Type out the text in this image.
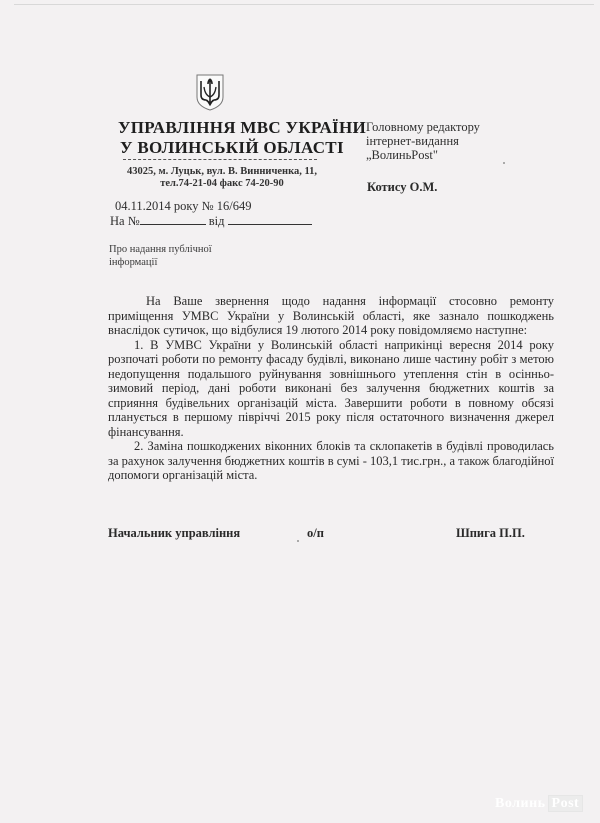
УПРАВЛІННЯ МВС УКРАЇНИ
У ВОЛИНСЬКІЙ ОБЛАСТІ
43025, м. Луцьк, вул. В. Винниченка, 11,
тел.74-21-04 факс 74-20-90
Головному редактору
інтернет-видання
„ВолиньPost"
Котису О.М.
04.11.2014 року № 16/649
На №	від
Про надання публічної
інформації

На Ваше звернення щодо надання інформації стосовно ремонту приміщення УМВС України у Волинській області, яке зазнало пошкоджень внаслідок сутичок, що відбулися 19 лютого 2014 року повідомляємо наступне:

1. В УМВС України у Волинській області наприкінці вересня 2014 року розпочаті роботи по ремонту фасаду будівлі, виконано лише частину робіт з метою недопущення подальшого руйнування зовнішнього утеплення стін в осінньо-зимовий період, дані роботи виконані без залучення бюджетних коштів за сприяння будівельних організацій міста. Завершити роботи в повному обсязі планується в першому півріччі 2015 року після остаточного визначення джерел фінансування.

2. Заміна пошкоджених віконних блоків та склопакетів в будівлі проводилась за рахунок залучення бюджетних коштів в сумі - 103,1 тис.грн., а також благодійної допомоги організацій міста.

Начальник управління	о/п	Шпига П.П.
Волинь Post
